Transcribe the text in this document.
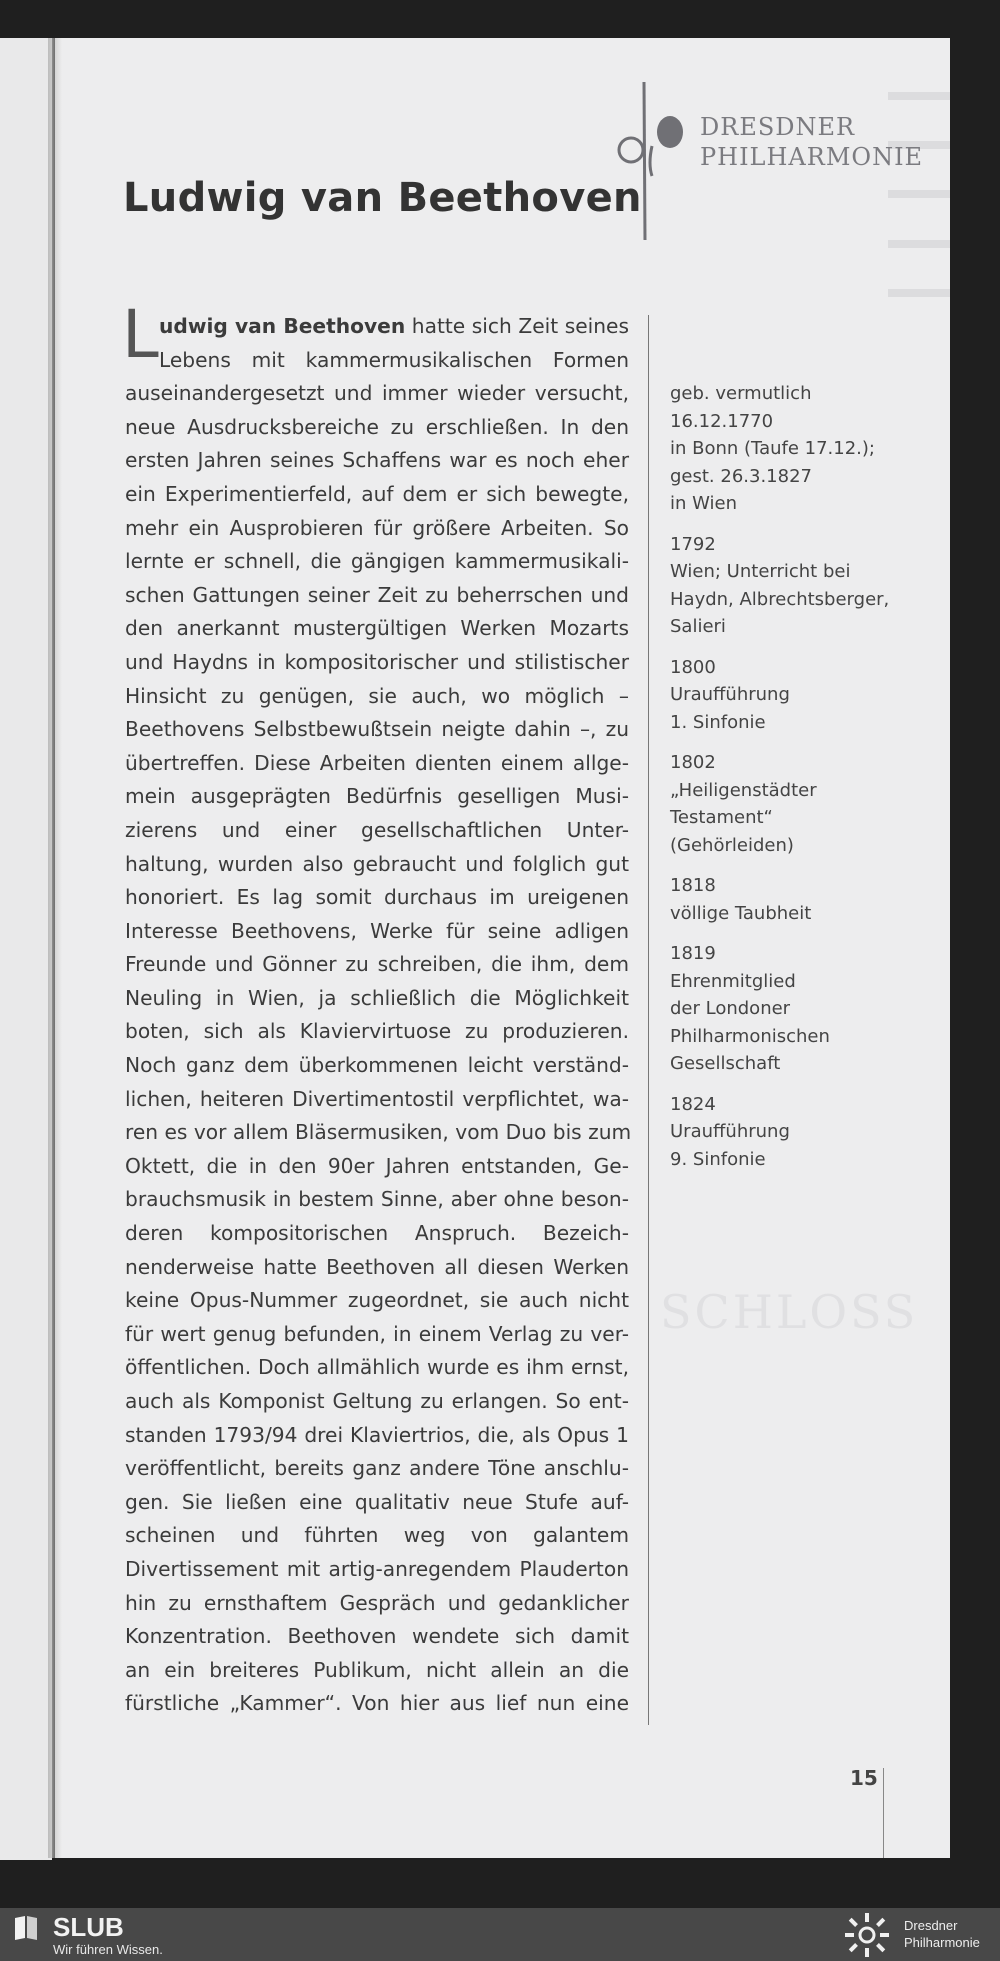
DRESDNER
PHILHARMONIE
Ludwig van Beethoven
L udwig van Beethoven hatte sich Zeit seines
Lebens mit kammermusikalischen Formen
auseinandergesetzt und immer wieder versucht,
neue Ausdrucksbereiche zu erschließen. In den
ersten Jahren seines Schaffens war es noch eher
ein Experimentierfeld, auf dem er sich bewegte,
mehr ein Ausprobieren für größere Arbeiten. So
lernte er schnell, die gängigen kammermusikali-
schen Gattungen seiner Zeit zu beherrschen und
den anerkannt mustergültigen Werken Mozarts
und Haydns in kompositorischer und stilistischer
Hinsicht zu genügen, sie auch, wo möglich –
Beethovens Selbstbewußtsein neigte dahin –, zu
übertreffen. Diese Arbeiten dienten einem allge-
mein ausgeprägten Bedürfnis geselligen Musi-
zierens und einer gesellschaftlichen Unter-
haltung, wurden also gebraucht und folglich gut
honoriert. Es lag somit durchaus im ureigenen
Interesse Beethovens, Werke für seine adligen
Freunde und Gönner zu schreiben, die ihm, dem
Neuling in Wien, ja schließlich die Möglichkeit
boten, sich als Klaviervirtuose zu produzieren.
Noch ganz dem überkommenen leicht verständ-
lichen, heiteren Divertimentostil verpflichtet, wa-
ren es vor allem Bläsermusiken, vom Duo bis zum
Oktett, die in den 90er Jahren entstanden, Ge-
brauchsmusik in bestem Sinne, aber ohne beson-
deren kompositorischen Anspruch. Bezeich-
nenderweise hatte Beethoven all diesen Werken
keine Opus-Nummer zugeordnet, sie auch nicht
für wert genug befunden, in einem Verlag zu ver-
öffentlichen. Doch allmählich wurde es ihm ernst,
auch als Komponist Geltung zu erlangen. So ent-
standen 1793/94 drei Klaviertrios, die, als Opus 1
veröffentlicht, bereits ganz andere Töne anschlu-
gen. Sie ließen eine qualitativ neue Stufe auf-
scheinen und führten weg von galantem
Divertissement mit artig-anregendem Plauderton
hin zu ernsthaftem Gespräch und gedanklicher
Konzentration. Beethoven wendete sich damit
an ein breiteres Publikum, nicht allein an die
fürstliche „Kammer“. Von hier aus lief nun eine
geb. vermutlich
16.12.1770
in Bonn (Taufe 17.12.);
gest. 26.3.1827
in Wien
1792
Wien; Unterricht bei
Haydn, Albrechtsberger,
Salieri
1800
Uraufführung
1. Sinfonie
1802
„Heiligenstädter
Testament“
(Gehörleiden)
1818
völlige Taubheit
1819
Ehrenmitglied
der Londoner
Philharmonischen
Gesellschaft
1824
Uraufführung
9. Sinfonie
SCHLOSS
15
SLUB
Wir führen Wissen.
Dresdner
Philharmonie
